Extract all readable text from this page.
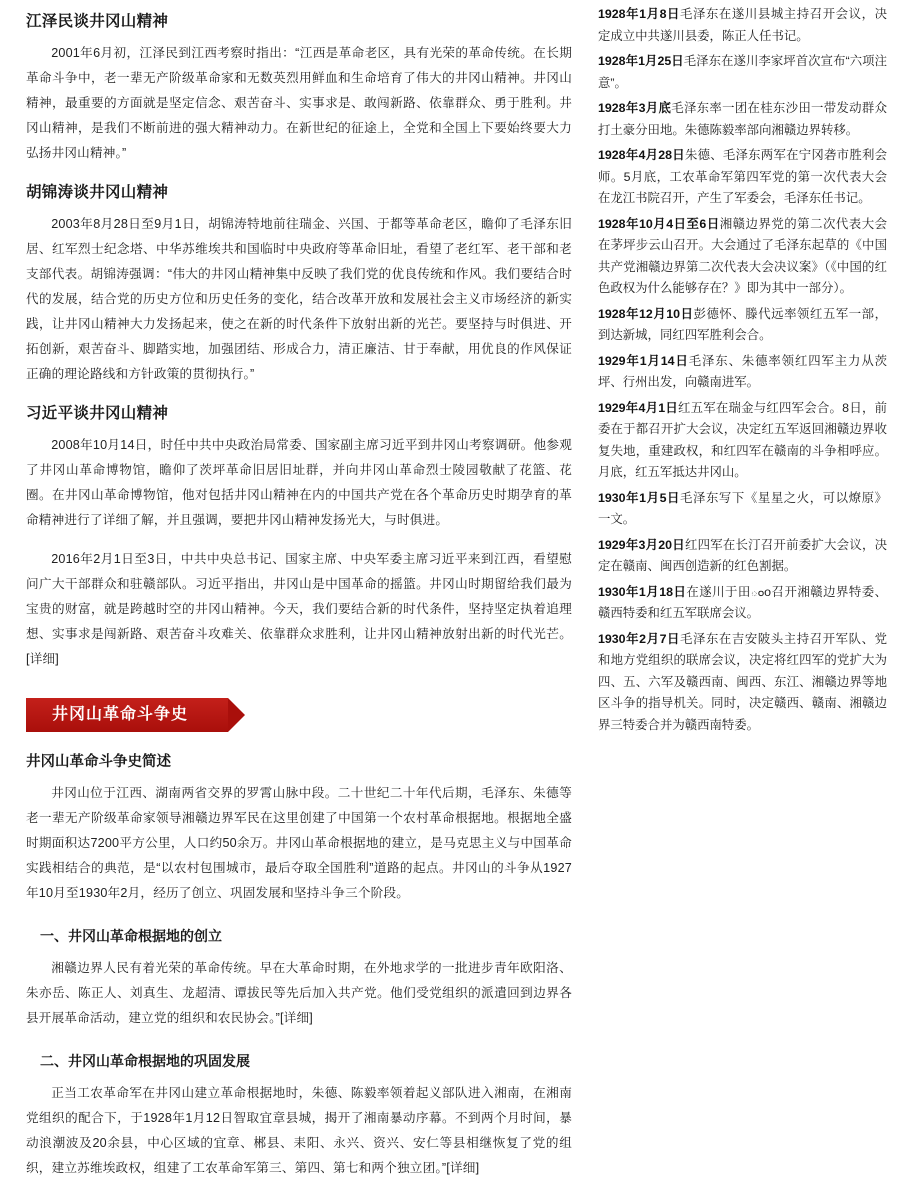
江泽民谈井冈山精神

2001年6月初，江泽民到江西考察时指出：“江西是革命老区，具有光荣的革命传统。在长期革命斗争中，老一辈无产阶级革命家和无数英烈用鲜血和生命培育了伟大的井冈山精神。井冈山精神，最重要的方面就是坚定信念、艰苦奋斗、实事求是、敢闯新路、依靠群众、勇于胜利。井冈山精神，是我们不断前进的强大精神动力。在新世纪的征途上，全党和全国上下要始终要大力弘扬井冈山精神。”

胡锦涛谈井冈山精神

2003年8月28日至9月1日，胡锦涛特地前往瑞金、兴国、于都等革命老区，瞻仰了毛泽东旧居、红军烈士纪念塔、中华苏维埃共和国临时中央政府等革命旧址，看望了老红军、老干部和老支部代表。胡锦涛强调：“伟大的井冈山精神集中反映了我们党的优良传统和作风。我们要结合时代的发展，结合党的历史方位和历史任务的变化，结合改革开放和发展社会主义市场经济的新实践，让井冈山精神大力发扬起来，使之在新的时代条件下放射出新的光芒。要坚持与时俱进、开拓创新，艰苦奋斗、脚踏实地，加强团结、形成合力，清正廉洁、甘于奉献，用优良的作风保证正确的理论路线和方针政策的贯彻执行。”

习近平谈井冈山精神

2008年10月14日，时任中共中央政治局常委、国家副主席习近平到井冈山考察调研。他参观了井冈山革命博物馆，瞻仰了茨坪革命旧居旧址群，并向井冈山革命烈士陵园敬献了花篮、花圈。在井冈山革命博物馆，他对包括井冈山精神在内的中国共产党在各个革命历史时期孕育的革命精神进行了详细了解，并且强调，要把井冈山精神发扬光大，与时俱进。

2016年2月1日至3日，中共中央总书记、国家主席、中央军委主席习近平来到江西，看望慰问广大干部群众和驻赣部队。习近平指出，井冈山是中国革命的摇篮。井冈山时期留给我们最为宝贵的财富，就是跨越时空的井冈山精神。今天，我们要结合新的时代条件，坚持坚定执着追理想、实事求是闯新路、艰苦奋斗攻难关、依靠群众求胜利，让井冈山精神放射出新的时代光芒。[详细]

井冈山革命斗争史
井冈山革命斗争史简述

井冈山位于江西、湖南两省交界的罗霄山脉中段。二十世纪二十年代后期，毛泽东、朱德等老一辈无产阶级革命家领导湘赣边界军民在这里创建了中国第一个农村革命根据地。根据地全盛时期面积达7200平方公里，人口约50余万。井冈山革命根据地的建立，是马克思主义与中国革命实践相结合的典范，是“以农村包围城市，最后夺取全国胜利”道路的起点。井冈山的斗争从1927年10月至1930年2月，经历了创立、巩固发展和坚持斗争三个阶段。

一、井冈山革命根据地的创立

湘赣边界人民有着光荣的革命传统。早在大革命时期，在外地求学的一批进步青年欧阳洛、朱亦岳、陈正人、刘真生、龙超清、谭拔民等先后加入共产党。他们受党组织的派遣回到边界各县开展革命活动，建立党的组织和农民协会。”[详细]

二、井冈山革命根据地的巩固发展

正当工农革命军在井冈山建立革命根据地时，朱德、陈毅率领着起义部队进入湘南，在湘南党组织的配合下，于1928年1月12日智取宜章县城，揭开了湘南暴动序幕。不到两个月时间，暴动浪潮波及20余县，中心区域的宜章、郴县、耒阳、永兴、资兴、安仁等县相继恢复了党的组织，建立苏维埃政权，组建了工农革命军第三、第四、第七和两个独立团。”[详细]

1928年1月8日毛泽东在遂川县城主持召开会议，决定成立中共遂川县委，陈正人任书记。

1928年1月25日毛泽东在遂川李家坪首次宣布“六项注意”。

1928年3月底毛泽东率一团在桂东沙田一带发动群众打土豪分田地。朱德陈毅率部向湘赣边界转移。

1928年4月28日朱德、毛泽东两军在宁冈砻市胜利会师。5月底，工农革命军第四军党的第一次代表大会在龙江书院召开，产生了军委会，毛泽东任书记。

1928年10月4日至6日湘赣边界党的第二次代表大会在茅坪步云山召开。大会通过了毛泽东起草的《中国共产党湘赣边界第二次代表大会决议案》（《中国的红色政权为什么能够存在？》即为其中一部分）。

1928年12月10日彭德怀、滕代远率领红五军一部，到达新城，同红四军胜利会合。

1929年1月14日毛泽东、朱德率领红四军主力从茨坪、行州出发，向赣南进军。

1929年4月1日红五军在瑞金与红四军会合。8日，前委在于都召开扩大会议，决定红五军返回湘赣边界收复失地，重建政权，和红四军在赣南的斗争相呼应。月底，红五军抵达井冈山。

1930年1月5日毛泽东写下《星星之火，可以燎原》一文。

1929年3月20日红四军在长汀召开前委扩大会议，决定在赣南、闽西创造新的红色割据。

1930年1月18日在遂川于田ంo召开湘赣边界特委、赣西特委和红五军联席会议。

1930年2月7日毛泽东在吉安陂头主持召开军队、党和地方党组织的联席会议，决定将红四军的党扩大为四、五、六军及赣西南、闽西、东江、湘赣边界等地区斗争的指导机关。同时，决定赣西、赣南、湘赣边界三特委合并为赣西南特委。
